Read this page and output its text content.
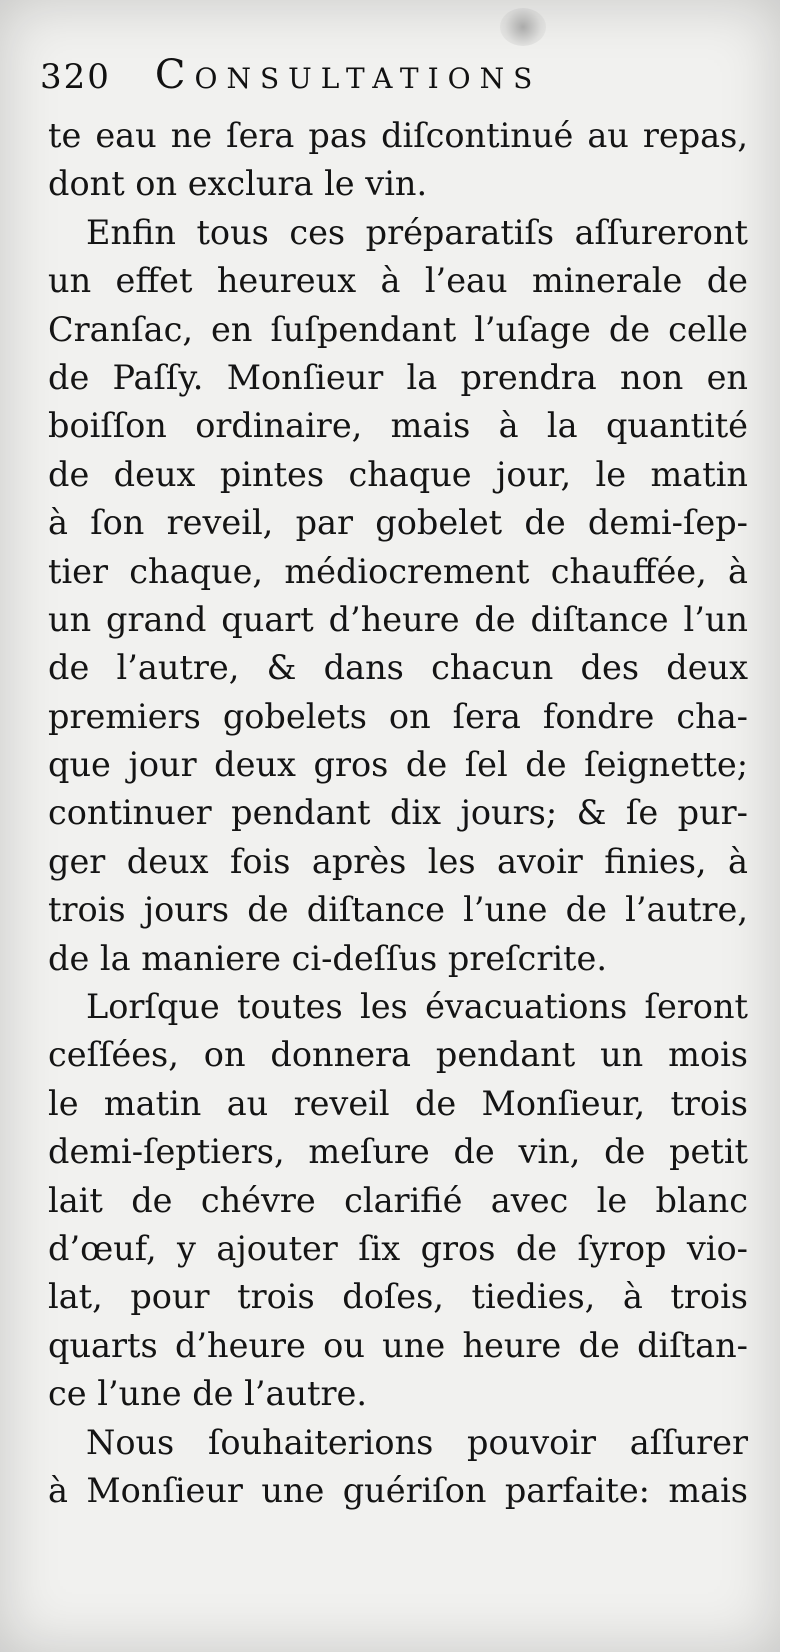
320 Consultations
te eau ne ſera pas diſcontinué au repas,
dont on exclura le vin.
Enfin tous ces préparatiſs aſſureront
un effet heureux à l’eau minerale de
Cranſac, en ſuſpendant l’uſage de celle
de Paſſy. Monſieur la prendra non en
boiſſon ordinaire, mais à la quantité
de deux pintes chaque jour, le matin
à ſon reveil, par gobelet de demi-ſep-
tier chaque, médiocrement chauffée, à
un grand quart d’heure de diſtance l’un
de l’autre, & dans chacun des deux
premiers gobelets on ſera fondre cha-
que jour deux gros de ſel de ſeignette;
continuer pendant dix jours; & ſe pur-
ger deux fois après les avoir finies, à
trois jours de diſtance l’une de l’autre,
de la maniere ci-deſſus preſcrite.
Lorſque toutes les évacuations ſeront
ceſſées, on donnera pendant un mois
le matin au reveil de Monſieur, trois
demi-ſeptiers, meſure de vin, de petit
lait de chévre clarifié avec le blanc
d’œuf, y ajouter ſix gros de ſyrop vio-
lat, pour trois doſes, tiedies, à trois
quarts d’heure ou une heure de diſtan-
ce l’une de l’autre.
Nous ſouhaiterions pouvoir aſſurer
à Monſieur une guériſon parfaite: mais
